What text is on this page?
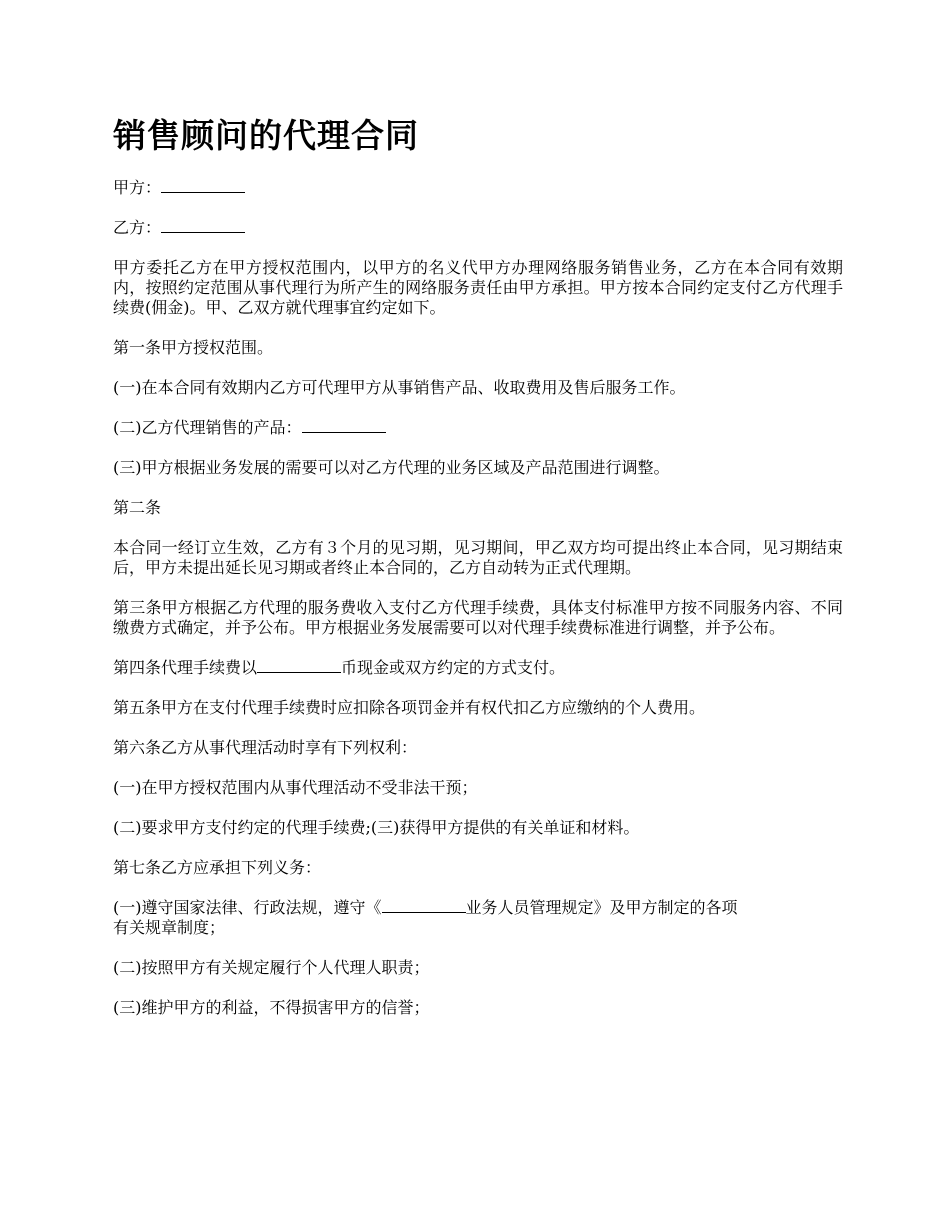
销售顾问的代理合同

甲方：

乙方：

甲方委托乙方在甲方授权范围内，以甲方的名义代甲方办理网络服务销售业务，乙方在本合同有效期内，按照约定范围从事代理行为所产生的网络服务责任由甲方承担。甲方按本合同约定支付乙方代理手续费(佣金)。甲、乙双方就代理事宜约定如下。

第一条甲方授权范围。

(一)在本合同有效期内乙方可代理甲方从事销售产品、收取费用及售后服务工作。

(二)乙方代理销售的产品：

(三)甲方根据业务发展的需要可以对乙方代理的业务区域及产品范围进行调整。

第二条

本合同一经订立生效，乙方有３个月的见习期，见习期间，甲乙双方均可提出终止本合同，见习期结束后，甲方未提出延长见习期或者终止本合同的，乙方自动转为正式代理期。

第三条甲方根据乙方代理的服务费收入支付乙方代理手续费，具体支付标准甲方按不同服务内容、不同缴费方式确定，并予公布。甲方根据业务发展需要可以对代理手续费标准进行调整，并予公布。

第四条代理手续费以	币现金或双方约定的方式支付。

第五条甲方在支付代理手续费时应扣除各项罚金并有权代扣乙方应缴纳的个人费用。

第六条乙方从事代理活动时享有下列权利：

(一)在甲方授权范围内从事代理活动不受非法干预；

(二)要求甲方支付约定的代理手续费;(三)获得甲方提供的有关单证和材料。

第七条乙方应承担下列义务：

(一)遵守国家法律、行政法规，遵守《	业务人员管理规定》及甲方制定的各项
有关规章制度；

(二)按照甲方有关规定履行个人代理人职责；

(三)维护甲方的利益，不得损害甲方的信誉；
